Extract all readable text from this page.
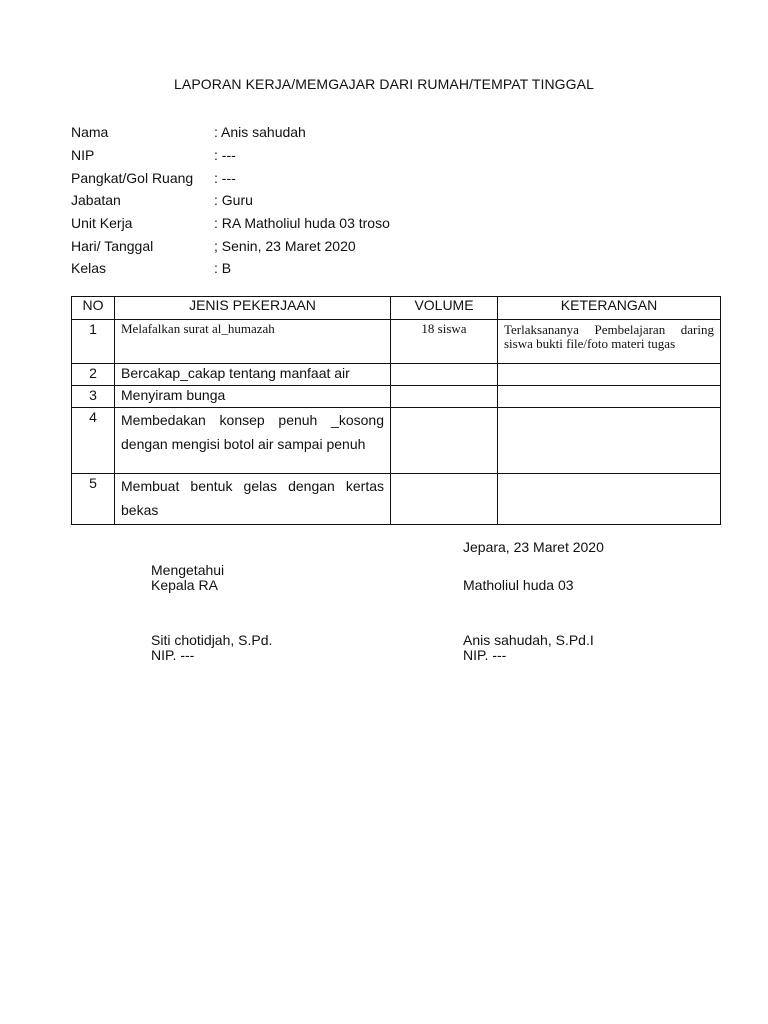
LAPORAN KERJA/MEMGAJAR DARI RUMAH/TEMPAT TINGGAL
Nama	: Anis sahudah
NIP	: ---
Pangkat/Gol Ruang	: ---
Jabatan	: Guru
Unit Kerja	: RA Matholiul huda 03 troso
Hari/ Tanggal	; Senin, 23 Maret 2020
Kelas	: B
NO	JENIS PEKERJAAN	VOLUME	KETERANGAN
1	Melafalkan surat al_humazah	18 siswa	Terlaksananya Pembelajaran daring siswa bukti file/foto materi tugas
2	Bercakap_cakap tentang manfaat air		
3	Menyiram bunga		
4	Membedakan konsep penuh _kosong dengan mengisi botol air sampai penuh		
5	Membuat bentuk gelas dengan kertas bekas		
Jepara, 23 Maret 2020
Mengetahui
Kepala RA	Matholiul huda 03
Siti chotidjah, S.Pd.
NIP. ---
Anis sahudah, S.Pd.I
NIP. ---
